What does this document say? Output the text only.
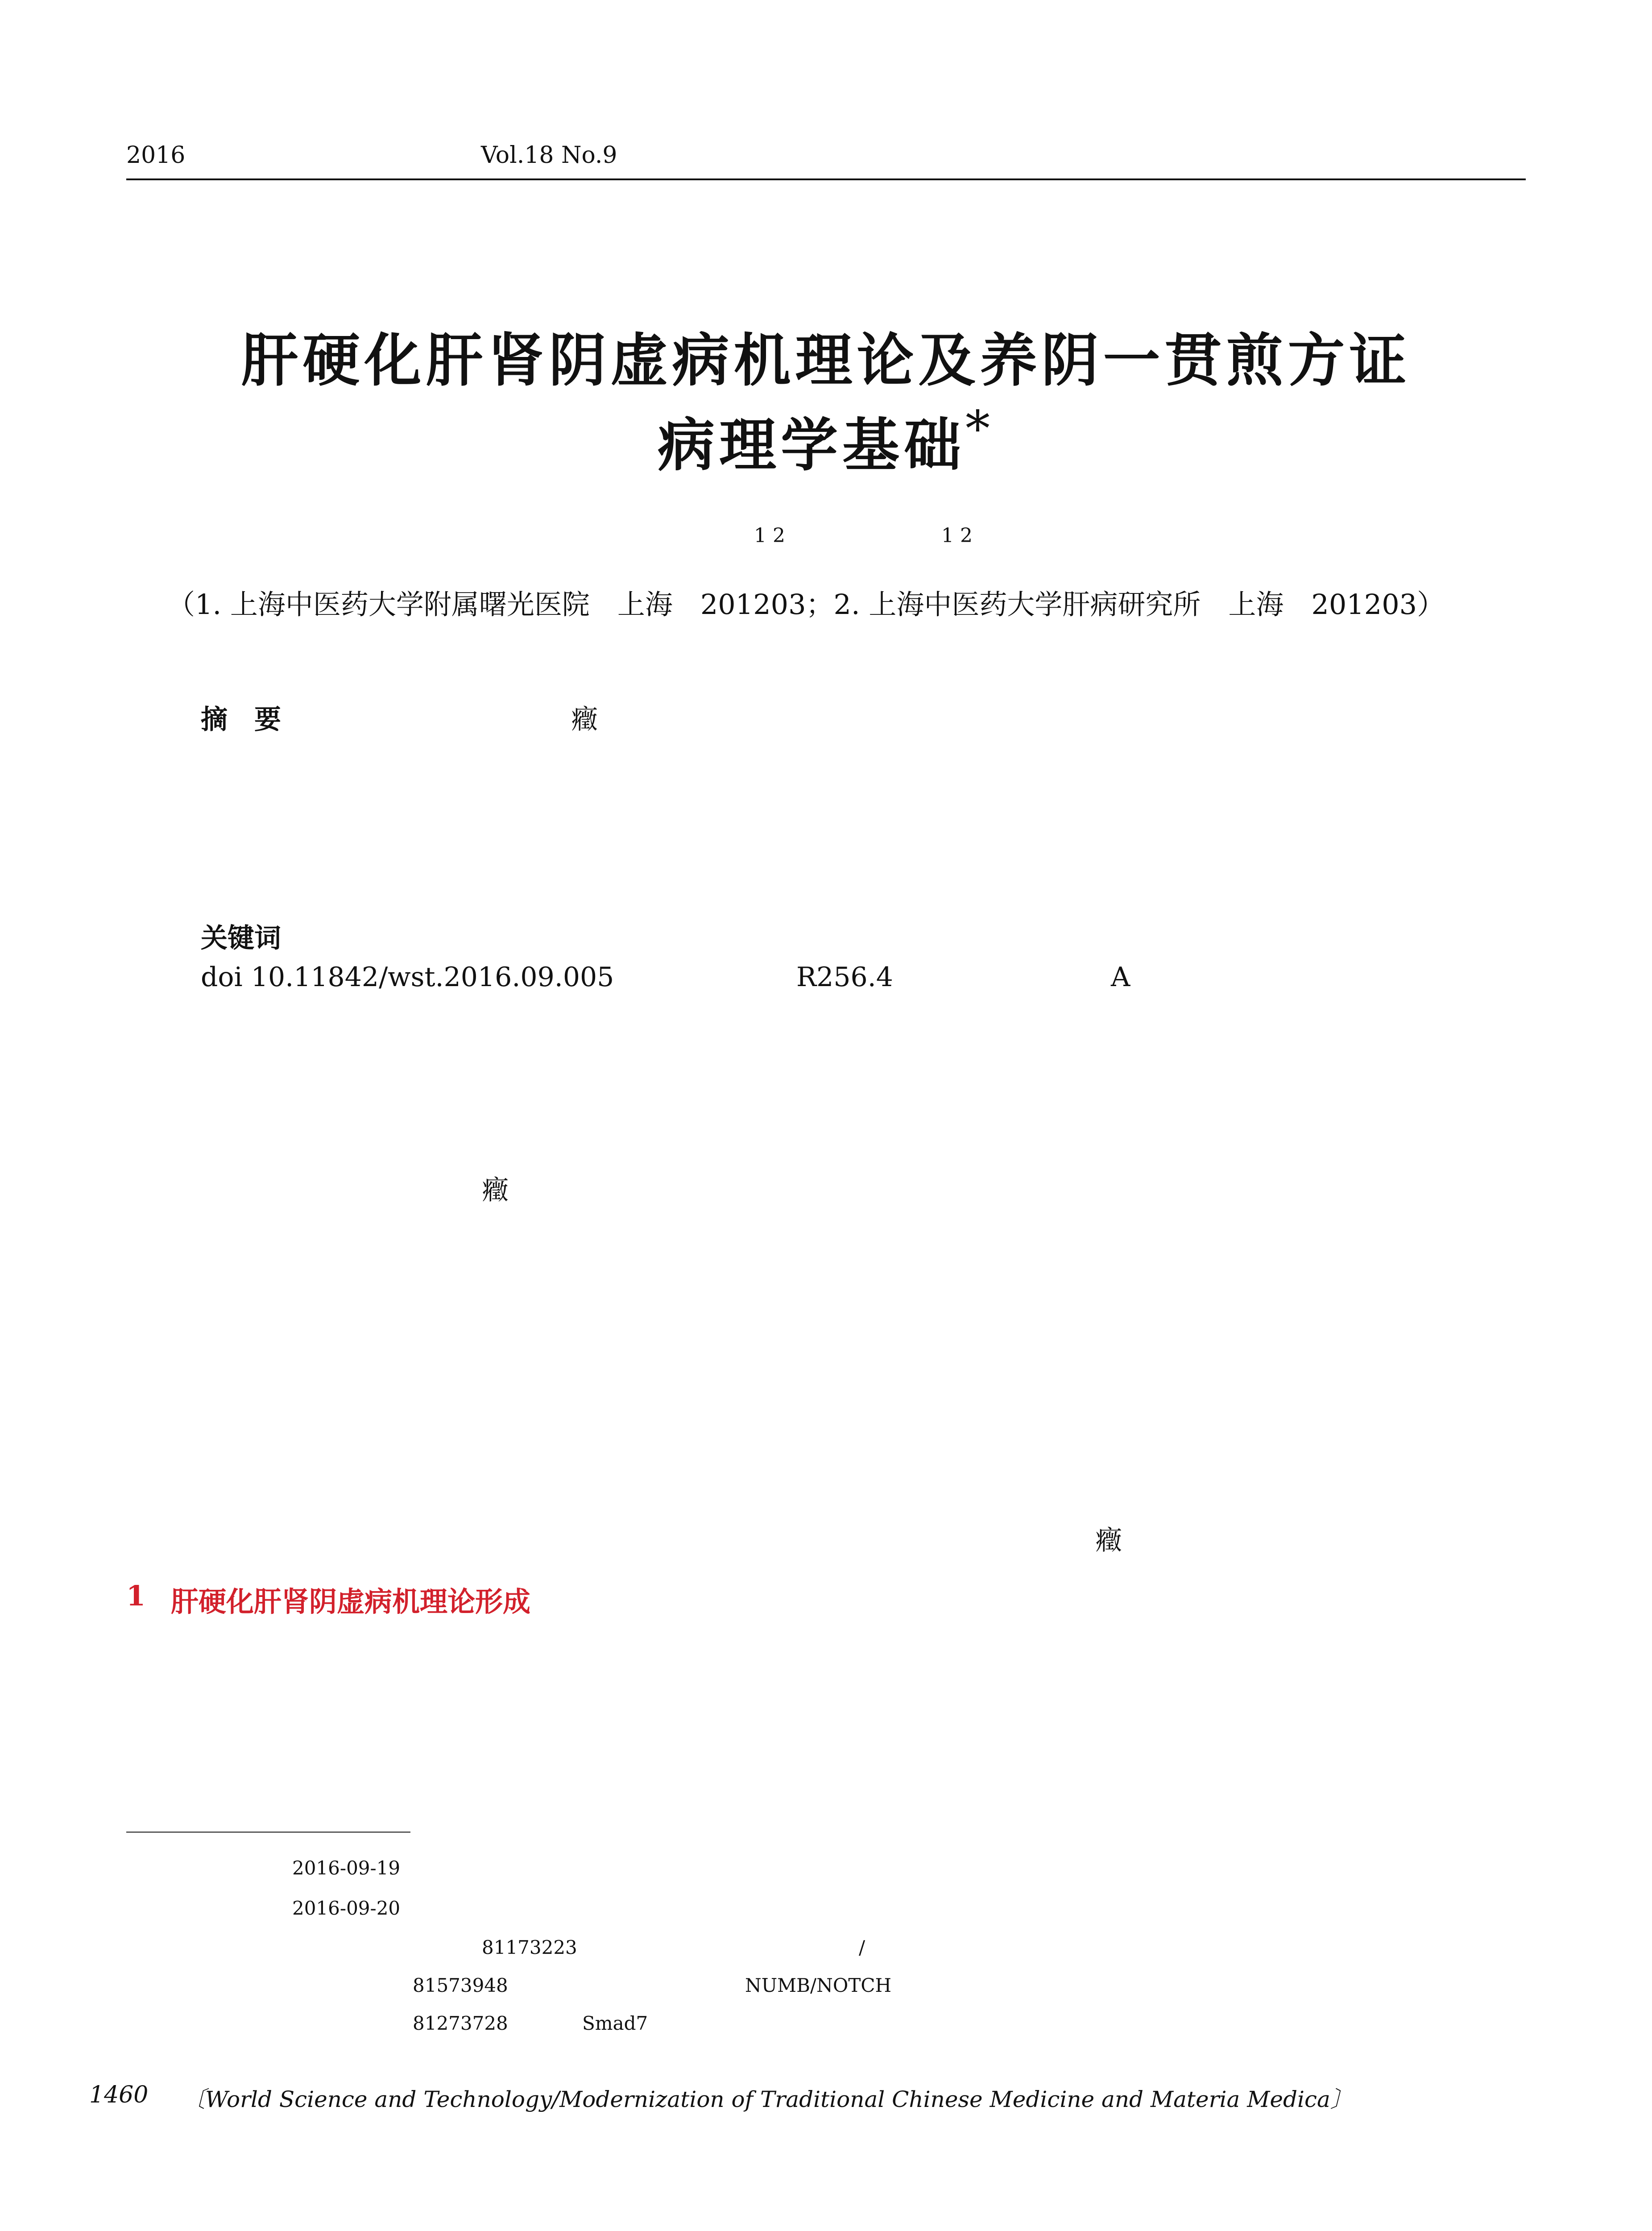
2016	Vol.18 No.9
肝硬化肝肾阴虚病机理论及养阴一贯煎方证
病理学基础*
1 2	1 2
（1. 上海中医药大学附属曙光医院　上海　201203；2. 上海中医药大学肝病研究所　上海　201203）
摘　要	癥
关键词
doi 10.11842/wst.2016.09.005	R256.4	A
癥
癥
1 肝硬化肝肾阴虚病机理论形成
2016-09-19
2016-09-20
81173223	/
81573948	NUMB/NOTCH
81273728	Smad7
1460 〔World Science and Technology/Modernization of Traditional Chinese Medicine and Materia Medica〕
